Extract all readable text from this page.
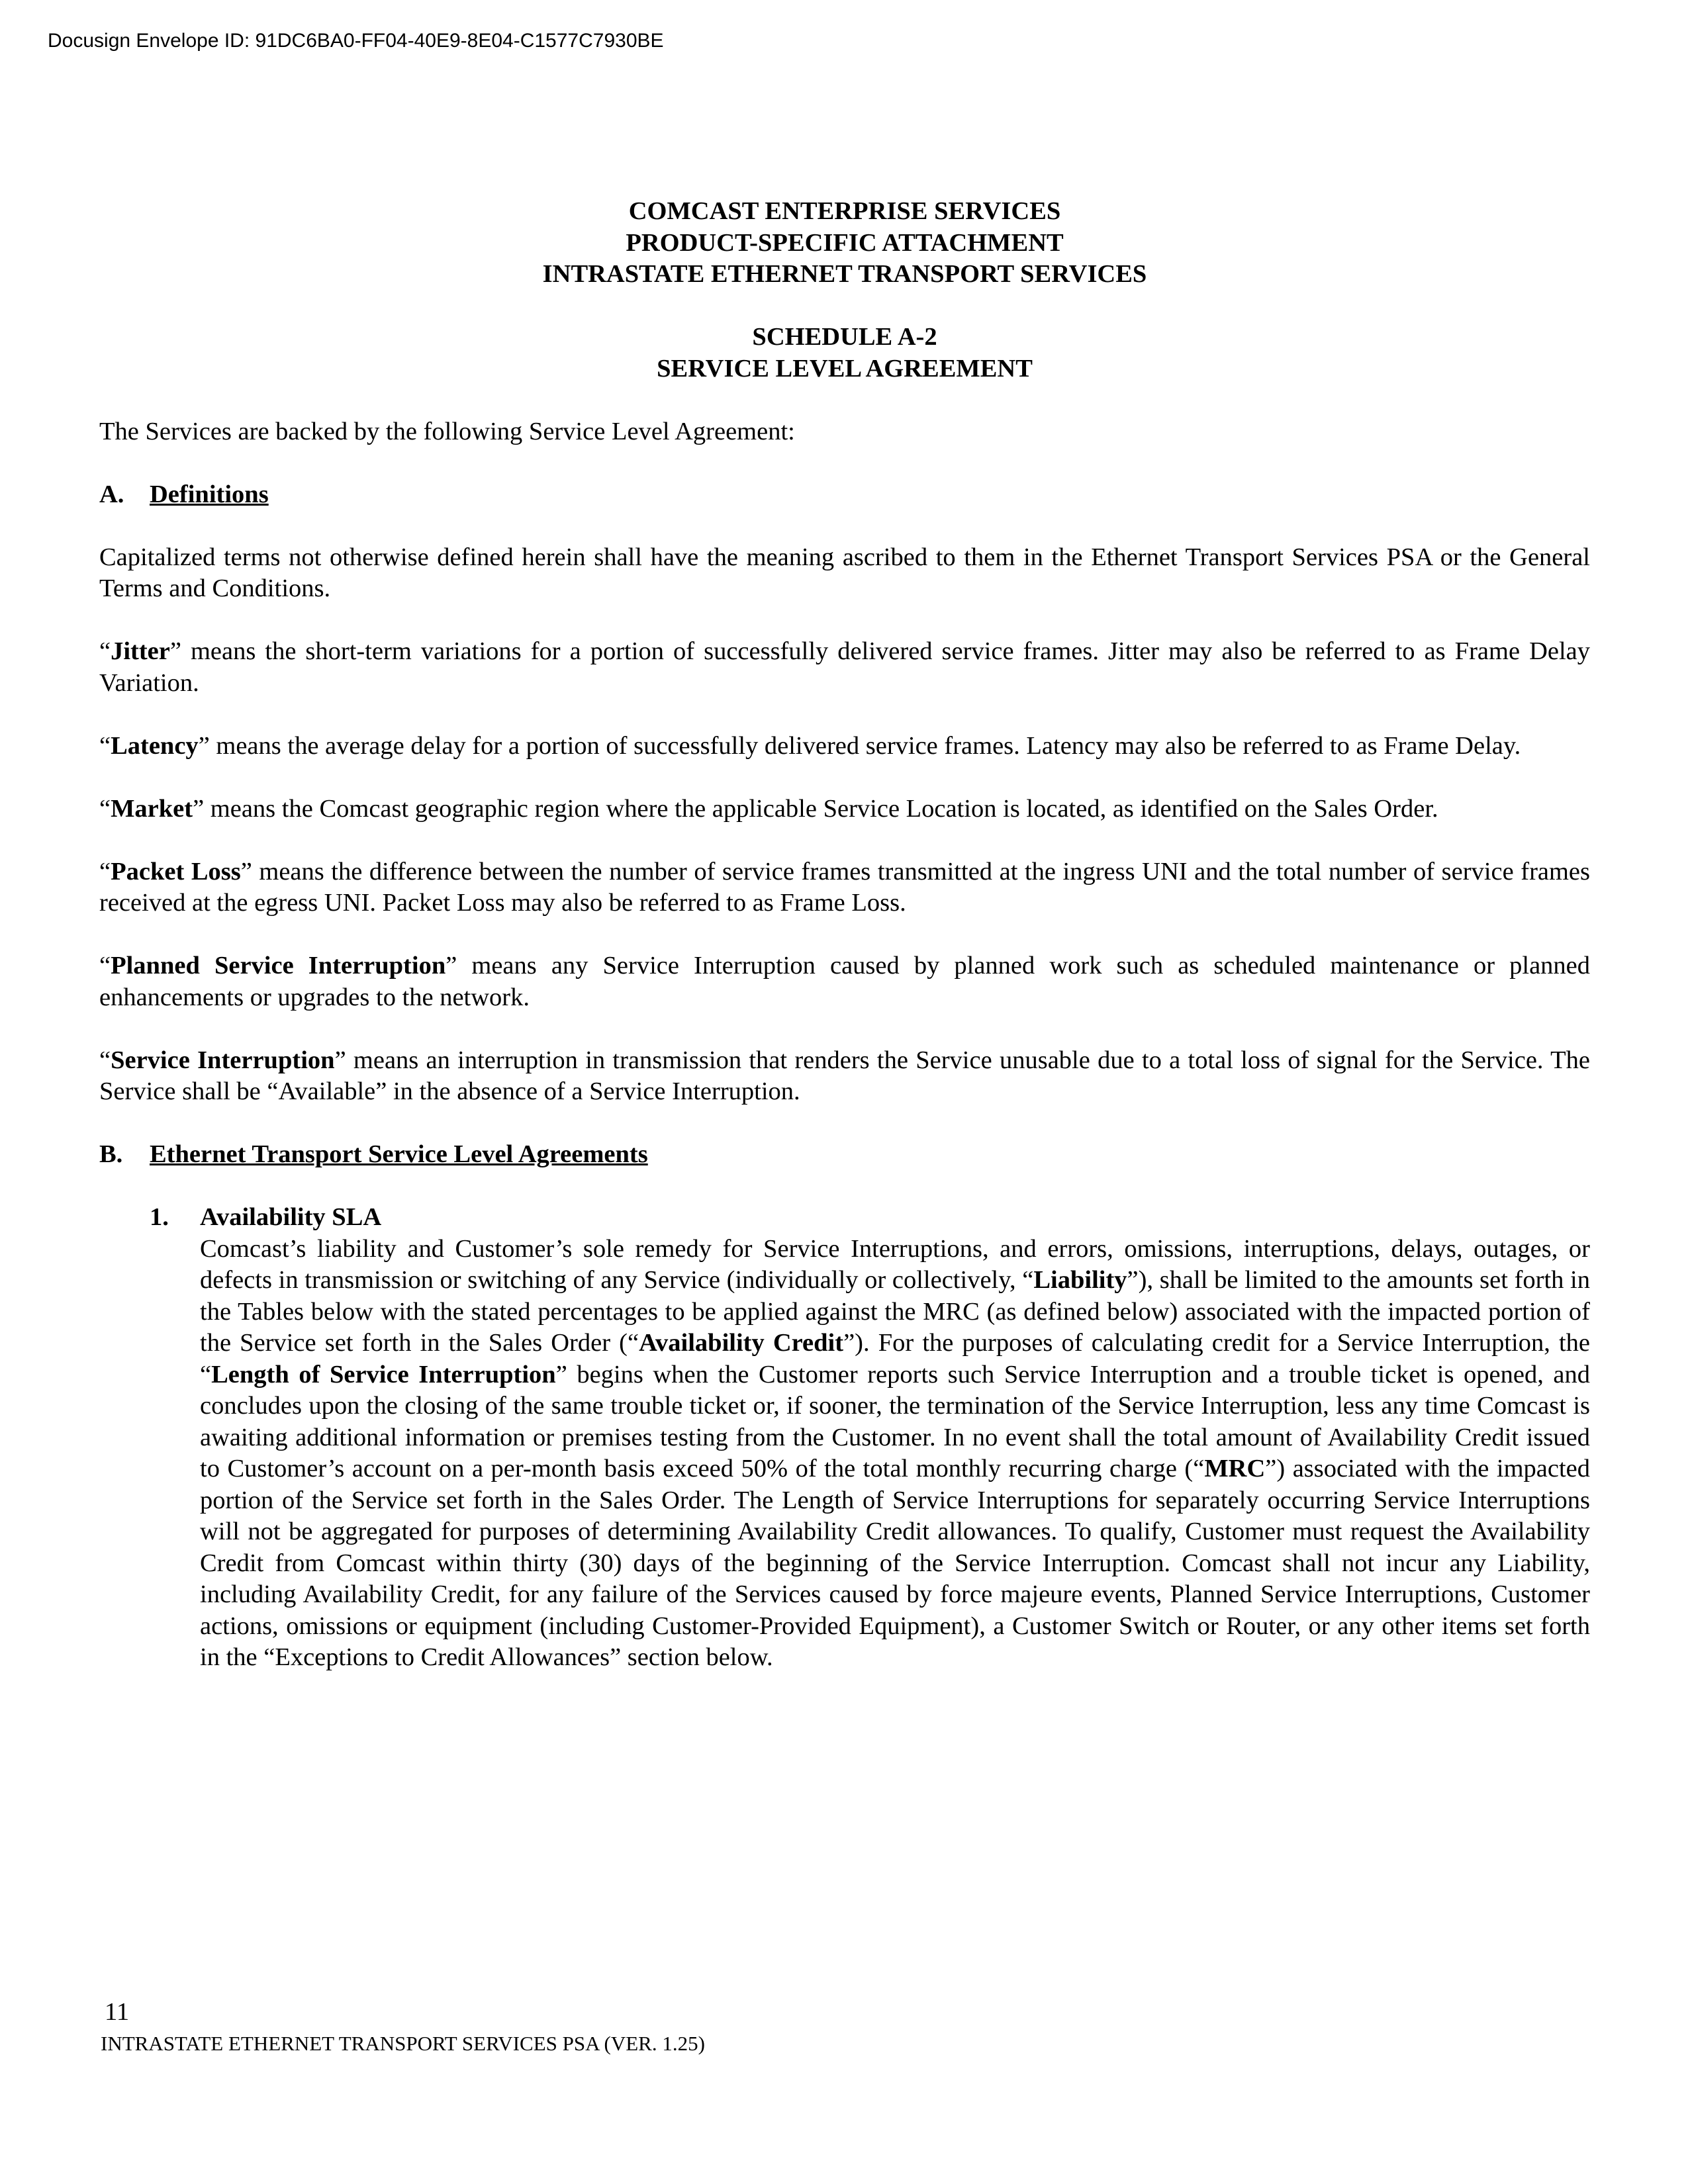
Docusign Envelope ID: 91DC6BA0-FF04-40E9-8E04-C1577C7930BE
COMCAST ENTERPRISE SERVICES
PRODUCT-SPECIFIC ATTACHMENT
INTRASTATE ETHERNET TRANSPORT SERVICES
SCHEDULE A-2
SERVICE LEVEL AGREEMENT

The Services are backed by the following Service Level Agreement:

A. Definitions

Capitalized terms not otherwise defined herein shall have the meaning ascribed to them in the Ethernet Transport Services PSA or the General Terms and Conditions.

“Jitter” means the short-term variations for a portion of successfully delivered service frames. Jitter may also be referred to as Frame Delay Variation.

“Latency” means the average delay for a portion of successfully delivered service frames. Latency may also be referred to as Frame Delay.

“Market” means the Comcast geographic region where the applicable Service Location is located, as identified on the Sales Order.

“Packet Loss” means the difference between the number of service frames transmitted at the ingress UNI and the total number of service frames received at the egress UNI. Packet Loss may also be referred to as Frame Loss.

“Planned Service Interruption” means any Service Interruption caused by planned work such as scheduled maintenance or planned enhancements or upgrades to the network.

“Service Interruption” means an interruption in transmission that renders the Service unusable due to a total loss of signal for the Service. The Service shall be “Available” in the absence of a Service Interruption.

B. Ethernet Transport Service Level Agreements
1. Availability SLA

Comcast’s liability and Customer’s sole remedy for Service Interruptions, and errors, omissions, interruptions, delays, outages, or defects in transmission or switching of any Service (individually or collectively, “Liability”), shall be limited to the amounts set forth in the Tables below with the stated percentages to be applied against the MRC (as defined below) associated with the impacted portion of the Service set forth in the Sales Order (“Availability Credit”). For the purposes of calculating credit for a Service Interruption, the “Length of Service Interruption” begins when the Customer reports such Service Interruption and a trouble ticket is opened, and concludes upon the closing of the same trouble ticket or, if sooner, the termination of the Service Interruption, less any time Comcast is awaiting additional information or premises testing from the Customer. In no event shall the total amount of Availability Credit issued to Customer’s account on a per-month basis exceed 50% of the total monthly recurring charge (“MRC”) associated with the impacted portion of the Service set forth in the Sales Order. The Length of Service Interruptions for separately occurring Service Interruptions will not be aggregated for purposes of determining Availability Credit allowances. To qualify, Customer must request the Availability Credit from Comcast within thirty (30) days of the beginning of the Service Interruption. Comcast shall not incur any Liability, including Availability Credit, for any failure of the Services caused by force majeure events, Planned Service Interruptions, Customer actions, omissions or equipment (including Customer-Provided Equipment), a Customer Switch or Router, or any other items set forth in the “Exceptions to Credit Allowances” section below.

11
INTRASTATE ETHERNET TRANSPORT SERVICES PSA (VER. 1.25)
